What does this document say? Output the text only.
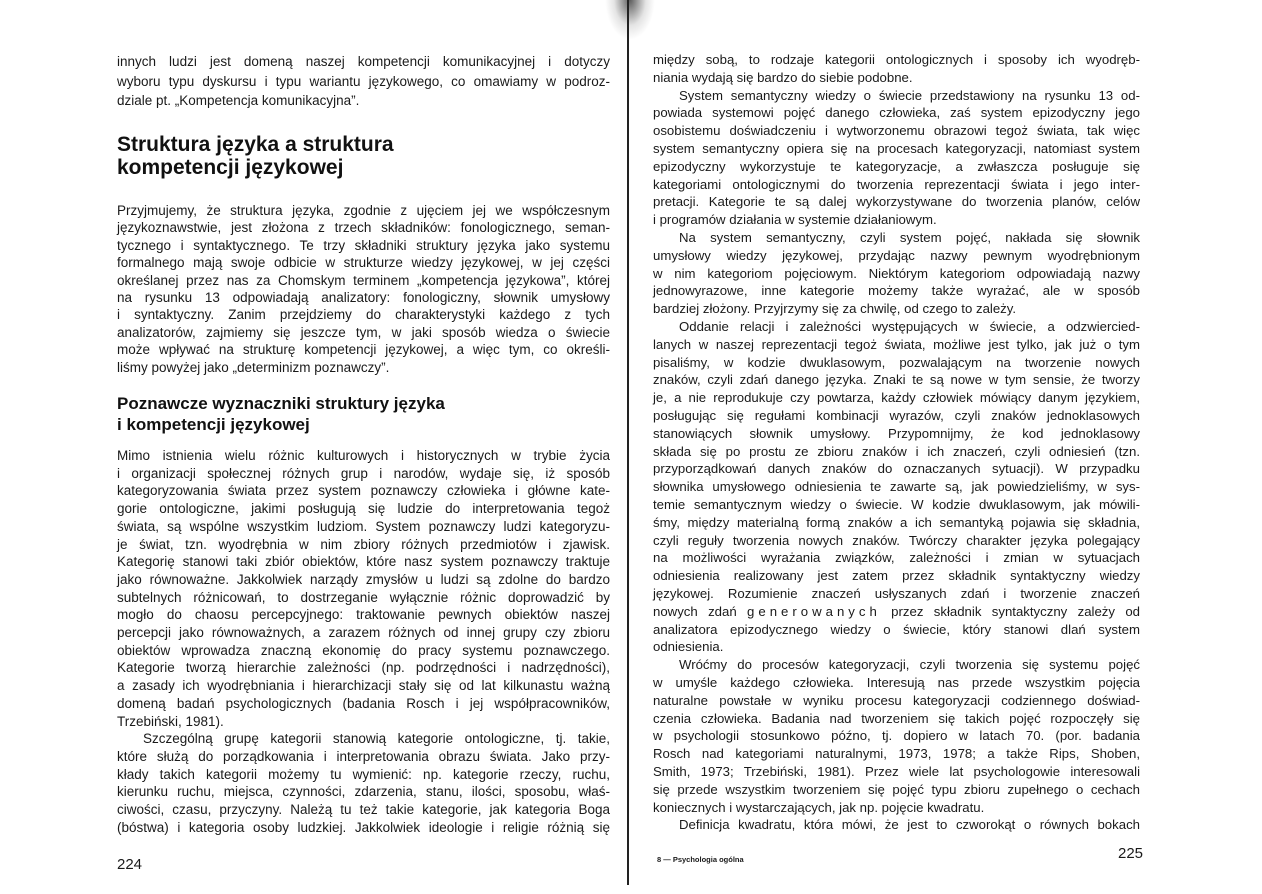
innych ludzi jest domeną naszej kompetencji komunikacyjnej i dotyczy
wyboru typu dyskursu i typu wariantu językowego, co omawiamy w podroz-
dziale pt. „Kompetencja komunikacyjna”.
Przyjmujemy, że struktura języka, zgodnie z ujęciem jej we współczesnym
językoznawstwie, jest złożona z trzech składników: fonologicznego, seman-
tycznego i syntaktycznego. Te trzy składniki struktury języka jako systemu
formalnego mają swoje odbicie w strukturze wiedzy językowej, w jej części
określanej przez nas za Chomskym terminem „kompetencja językowa”, której
na rysunku 13 odpowiadają analizatory: fonologiczny, słownik umysłowy
i syntaktyczny. Zanim przejdziemy do charakterystyki każdego z tych
analizatorów, zajmiemy się jeszcze tym, w jaki sposób wiedza o świecie
może wpływać na strukturę kompetencji językowej, a więc tym, co określi-
liśmy powyżej jako „determinizm poznawczy”.
Mimo istnienia wielu różnic kulturowych i historycznych w trybie życia
i organizacji społecznej różnych grup i narodów, wydaje się, iż sposób
kategoryzowania świata przez system poznawczy człowieka i główne kate-
gorie ontologiczne, jakimi posługują się ludzie do interpretowania tegoż
świata, są wspólne wszystkim ludziom. System poznawczy ludzi kategoryzu-
je świat, tzn. wyodrębnia w nim zbiory różnych przedmiotów i zjawisk.
Kategorię stanowi taki zbiór obiektów, które nasz system poznawczy traktuje
jako równoważne. Jakkolwiek narządy zmysłów u ludzi są zdolne do bardzo
subtelnych różnicowań, to dostrzeganie wyłącznie różnic doprowadzić by
mogło do chaosu percepcyjnego: traktowanie pewnych obiektów naszej
percepcji jako równoważnych, a zarazem różnych od innej grupy czy zbioru
obiektów wprowadza znaczną ekonomię do pracy systemu poznawczego.
Kategorie tworzą hierarchie zależności (np. podrzędności i nadrzędności),
a zasady ich wyodrębniania i hierarchizacji stały się od lat kilkunastu ważną
domeną badań psychologicznych (badania Rosch i jej współpracowników,
Trzebiński, 1981).
Szczególną grupę kategorii stanowią kategorie ontologiczne, tj. takie,
które służą do porządkowania i interpretowania obrazu świata. Jako przy-
kłady takich kategorii możemy tu wymienić: np. kategorie rzeczy, ruchu,
kierunku ruchu, miejsca, czynności, zdarzenia, stanu, ilości, sposobu, właś-
ciwości, czasu, przyczyny. Należą tu też takie kategorie, jak kategoria Boga
(bóstwa) i kategoria osoby ludzkiej. Jakkolwiek ideologie i religie różnią się
Struktura języka a struktura
kompetencji językowej
Poznawcze wyznaczniki struktury języka
i kompetencji językowej
między sobą, to rodzaje kategorii ontologicznych i sposoby ich wyodręb-
niania wydają się bardzo do siebie podobne.
System semantyczny wiedzy o świecie przedstawiony na rysunku 13 od-
powiada systemowi pojęć danego człowieka, zaś system epizodyczny jego
osobistemu doświadczeniu i wytworzonemu obrazowi tegoż świata, tak więc
system semantyczny opiera się na procesach kategoryzacji, natomiast system
epizodyczny wykorzystuje te kategoryzacje, a zwłaszcza posługuje się
kategoriami ontologicznymi do tworzenia reprezentacji świata i jego inter-
pretacji. Kategorie te są dalej wykorzystywane do tworzenia planów, celów
i programów działania w systemie działaniowym.
Na system semantyczny, czyli system pojęć, nakłada się słownik
umysłowy wiedzy językowej, przydając nazwy pewnym wyodrębnionym
w nim kategoriom pojęciowym. Niektórym kategoriom odpowiadają nazwy
jednowyrazowe, inne kategorie możemy także wyrażać, ale w sposób
bardziej złożony. Przyjrzymy się za chwilę, od czego to zależy.
Oddanie relacji i zależności występujących w świecie, a odzwiercied-
lanych w naszej reprezentacji tegoż świata, możliwe jest tylko, jak już o tym
pisaliśmy, w kodzie dwuklasowym, pozwalającym na tworzenie nowych
znaków, czyli zdań danego języka. Znaki te są nowe w tym sensie, że tworzy
je, a nie reprodukuje czy powtarza, każdy człowiek mówiący danym językiem,
posługując się regułami kombinacji wyrazów, czyli znaków jednoklasowych
stanowiących słownik umysłowy. Przypomnijmy, że kod jednoklasowy
składa się po prostu ze zbioru znaków i ich znaczeń, czyli odniesień (tzn.
przyporządkowań danych znaków do oznaczanych sytuacji). W przypadku
słownika umysłowego odniesienia te zawarte są, jak powiedzieliśmy, w sys-
temie semantycznym wiedzy o świecie. W kodzie dwuklasowym, jak mówili-
śmy, między materialną formą znaków a ich semantyką pojawia się składnia,
czyli reguły tworzenia nowych znaków. Twórczy charakter języka polegający
na możliwości wyrażania związków, zależności i zmian w sytuacjach
odniesienia realizowany jest zatem przez składnik syntaktyczny wiedzy
językowej. Rozumienie znaczeń usłyszanych zdań i tworzenie znaczeń
nowych zdań generowanych przez składnik syntaktyczny zależy od
analizatora epizodycznego wiedzy o świecie, który stanowi dlań system
odniesienia.
Wróćmy do procesów kategoryzacji, czyli tworzenia się systemu pojęć
w umyśle każdego człowieka. Interesują nas przede wszystkim pojęcia
naturalne powstałe w wyniku procesu kategoryzacji codziennego doświad-
czenia człowieka. Badania nad tworzeniem się takich pojęć rozpoczęły się
w psychologii stosunkowo późno, tj. dopiero w latach 70. (por. badania
Rosch nad kategoriami naturalnymi, 1973, 1978; a także Rips, Shoben,
Smith, 1973; Trzebiński, 1981). Przez wiele lat psychologowie interesowali
się przede wszystkim tworzeniem się pojęć typu zbioru zupełnego o cechach
koniecznych i wystarczających, jak np. pojęcie kwadratu.
Definicja kwadratu, która mówi, że jest to czworokąt o równych bokach
224
225
8 — Psychologia ogólna
